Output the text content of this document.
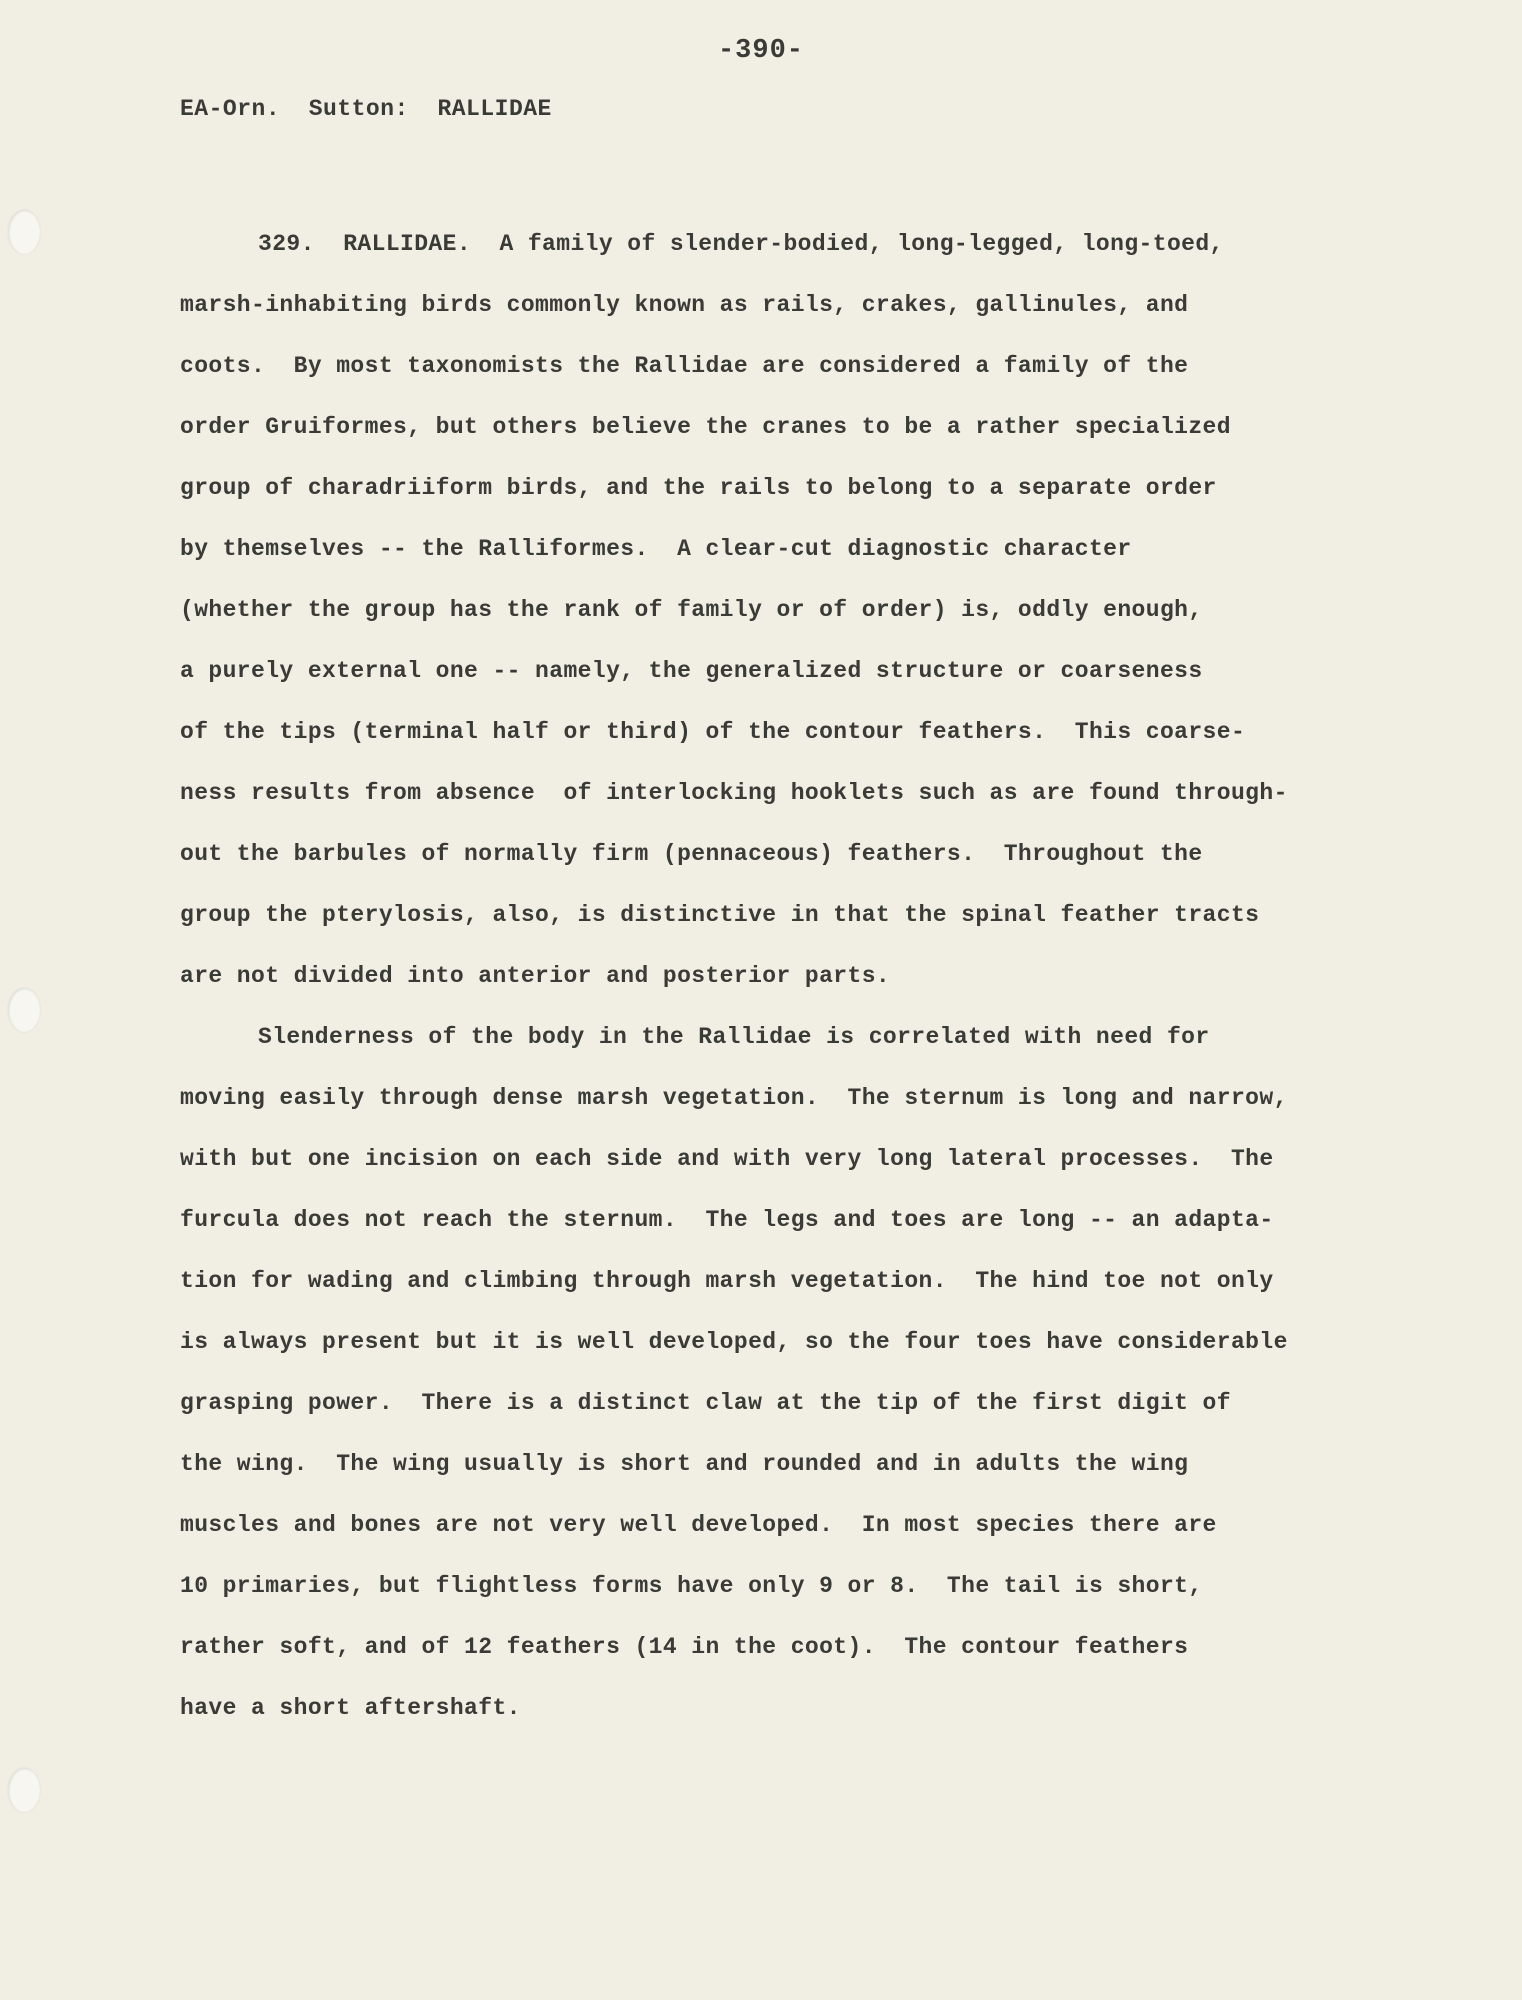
-390-
EA-Orn.  Sutton:  RALLIDAE
329.  RALLIDAE.  A family of slender-bodied, long-legged, long-toed,
marsh-inhabiting birds commonly known as rails, crakes, gallinules, and
coots.  By most taxonomists the Rallidae are considered a family of the
order Gruiformes, but others believe the cranes to be a rather specialized
group of charadriiform birds, and the rails to belong to a separate order
by themselves -- the Ralliformes.  A clear-cut diagnostic character
(whether the group has the rank of family or of order) is, oddly enough,
a purely external one -- namely, the generalized structure or coarseness
of the tips (terminal half or third) of the contour feathers.  This coarse-
ness results from absence  of interlocking hooklets such as are found through-
out the barbules of normally firm (pennaceous) feathers.  Throughout the
group the pterylosis, also, is distinctive in that the spinal feather tracts
are not divided into anterior and posterior parts.
Slenderness of the body in the Rallidae is correlated with need for
moving easily through dense marsh vegetation.  The sternum is long and narrow,
with but one incision on each side and with very long lateral processes.  The
furcula does not reach the sternum.  The legs and toes are long -- an adapta-
tion for wading and climbing through marsh vegetation.  The hind toe not only
is always present but it is well developed, so the four toes have considerable
grasping power.  There is a distinct claw at the tip of the first digit of
the wing.  The wing usually is short and rounded and in adults the wing
muscles and bones are not very well developed.  In most species there are
10 primaries, but flightless forms have only 9 or 8.  The tail is short,
rather soft, and of 12 feathers (14 in the coot).  The contour feathers
have a short aftershaft.
